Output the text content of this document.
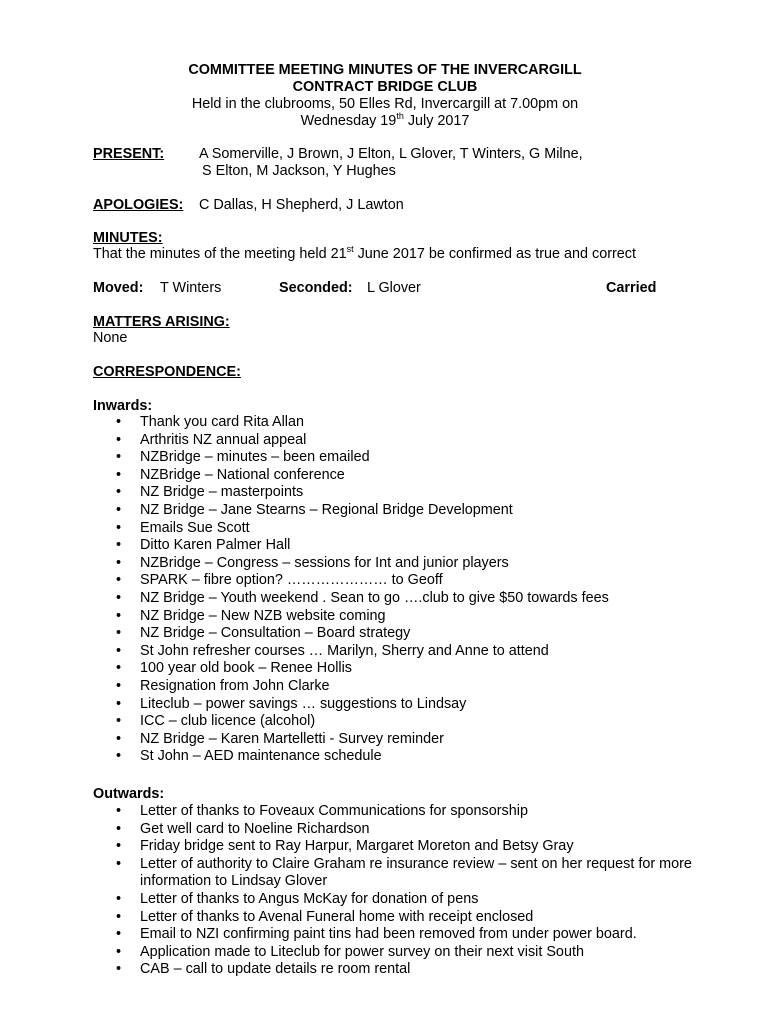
COMMITTEE MEETING MINUTES OF THE INVERCARGILL
CONTRACT BRIDGE CLUB
Held in the clubrooms, 50 Elles Rd, Invercargill at 7.00pm on
Wednesday 19th July 2017
PRESENT: A Somerville, J Brown, J Elton, L Glover, T Winters, G Milne,
S Elton, M Jackson, Y Hughes
APOLOGIES: C Dallas, H Shepherd, J Lawton
MINUTES:
That the minutes of the meeting held 21st June 2017 be confirmed as true and correct
Moved: T Winters	Seconded: L Glover	Carried
MATTERS ARISING:
None
CORRESPONDENCE:
Inwards:
• Thank you card Rita Allan
• Arthritis NZ annual appeal
• NZBridge – minutes – been emailed
• NZBridge – National conference
• NZ Bridge – masterpoints
• NZ Bridge – Jane Stearns – Regional Bridge Development
• Emails Sue Scott
• Ditto Karen Palmer Hall
• NZBridge – Congress – sessions for Int and junior players
• SPARK – fibre option? ………………… to Geoff
• NZ Bridge – Youth weekend . Sean to go ….club to give $50 towards fees
• NZ Bridge – New NZB website coming
• NZ Bridge – Consultation – Board strategy
• St John refresher courses … Marilyn, Sherry and Anne to attend
• 100 year old book – Renee Hollis
• Resignation from John Clarke
• Liteclub – power savings … suggestions to Lindsay
• ICC – club licence (alcohol)
• NZ Bridge – Karen Martelletti - Survey reminder
• St John – AED maintenance schedule
Outwards:
• Letter of thanks to Foveaux Communications for sponsorship
• Get well card to Noeline Richardson
• Friday bridge sent to Ray Harpur, Margaret Moreton and Betsy Gray
• Letter of authority to Claire Graham re insurance review – sent on her request for more information to Lindsay Glover
• Letter of thanks to Angus McKay for donation of pens
• Letter of thanks to Avenal Funeral home with receipt enclosed
• Email to NZI confirming paint tins had been removed from under power board.
• Application made to Liteclub for power survey on their next visit South
• CAB – call to update details re room rental
